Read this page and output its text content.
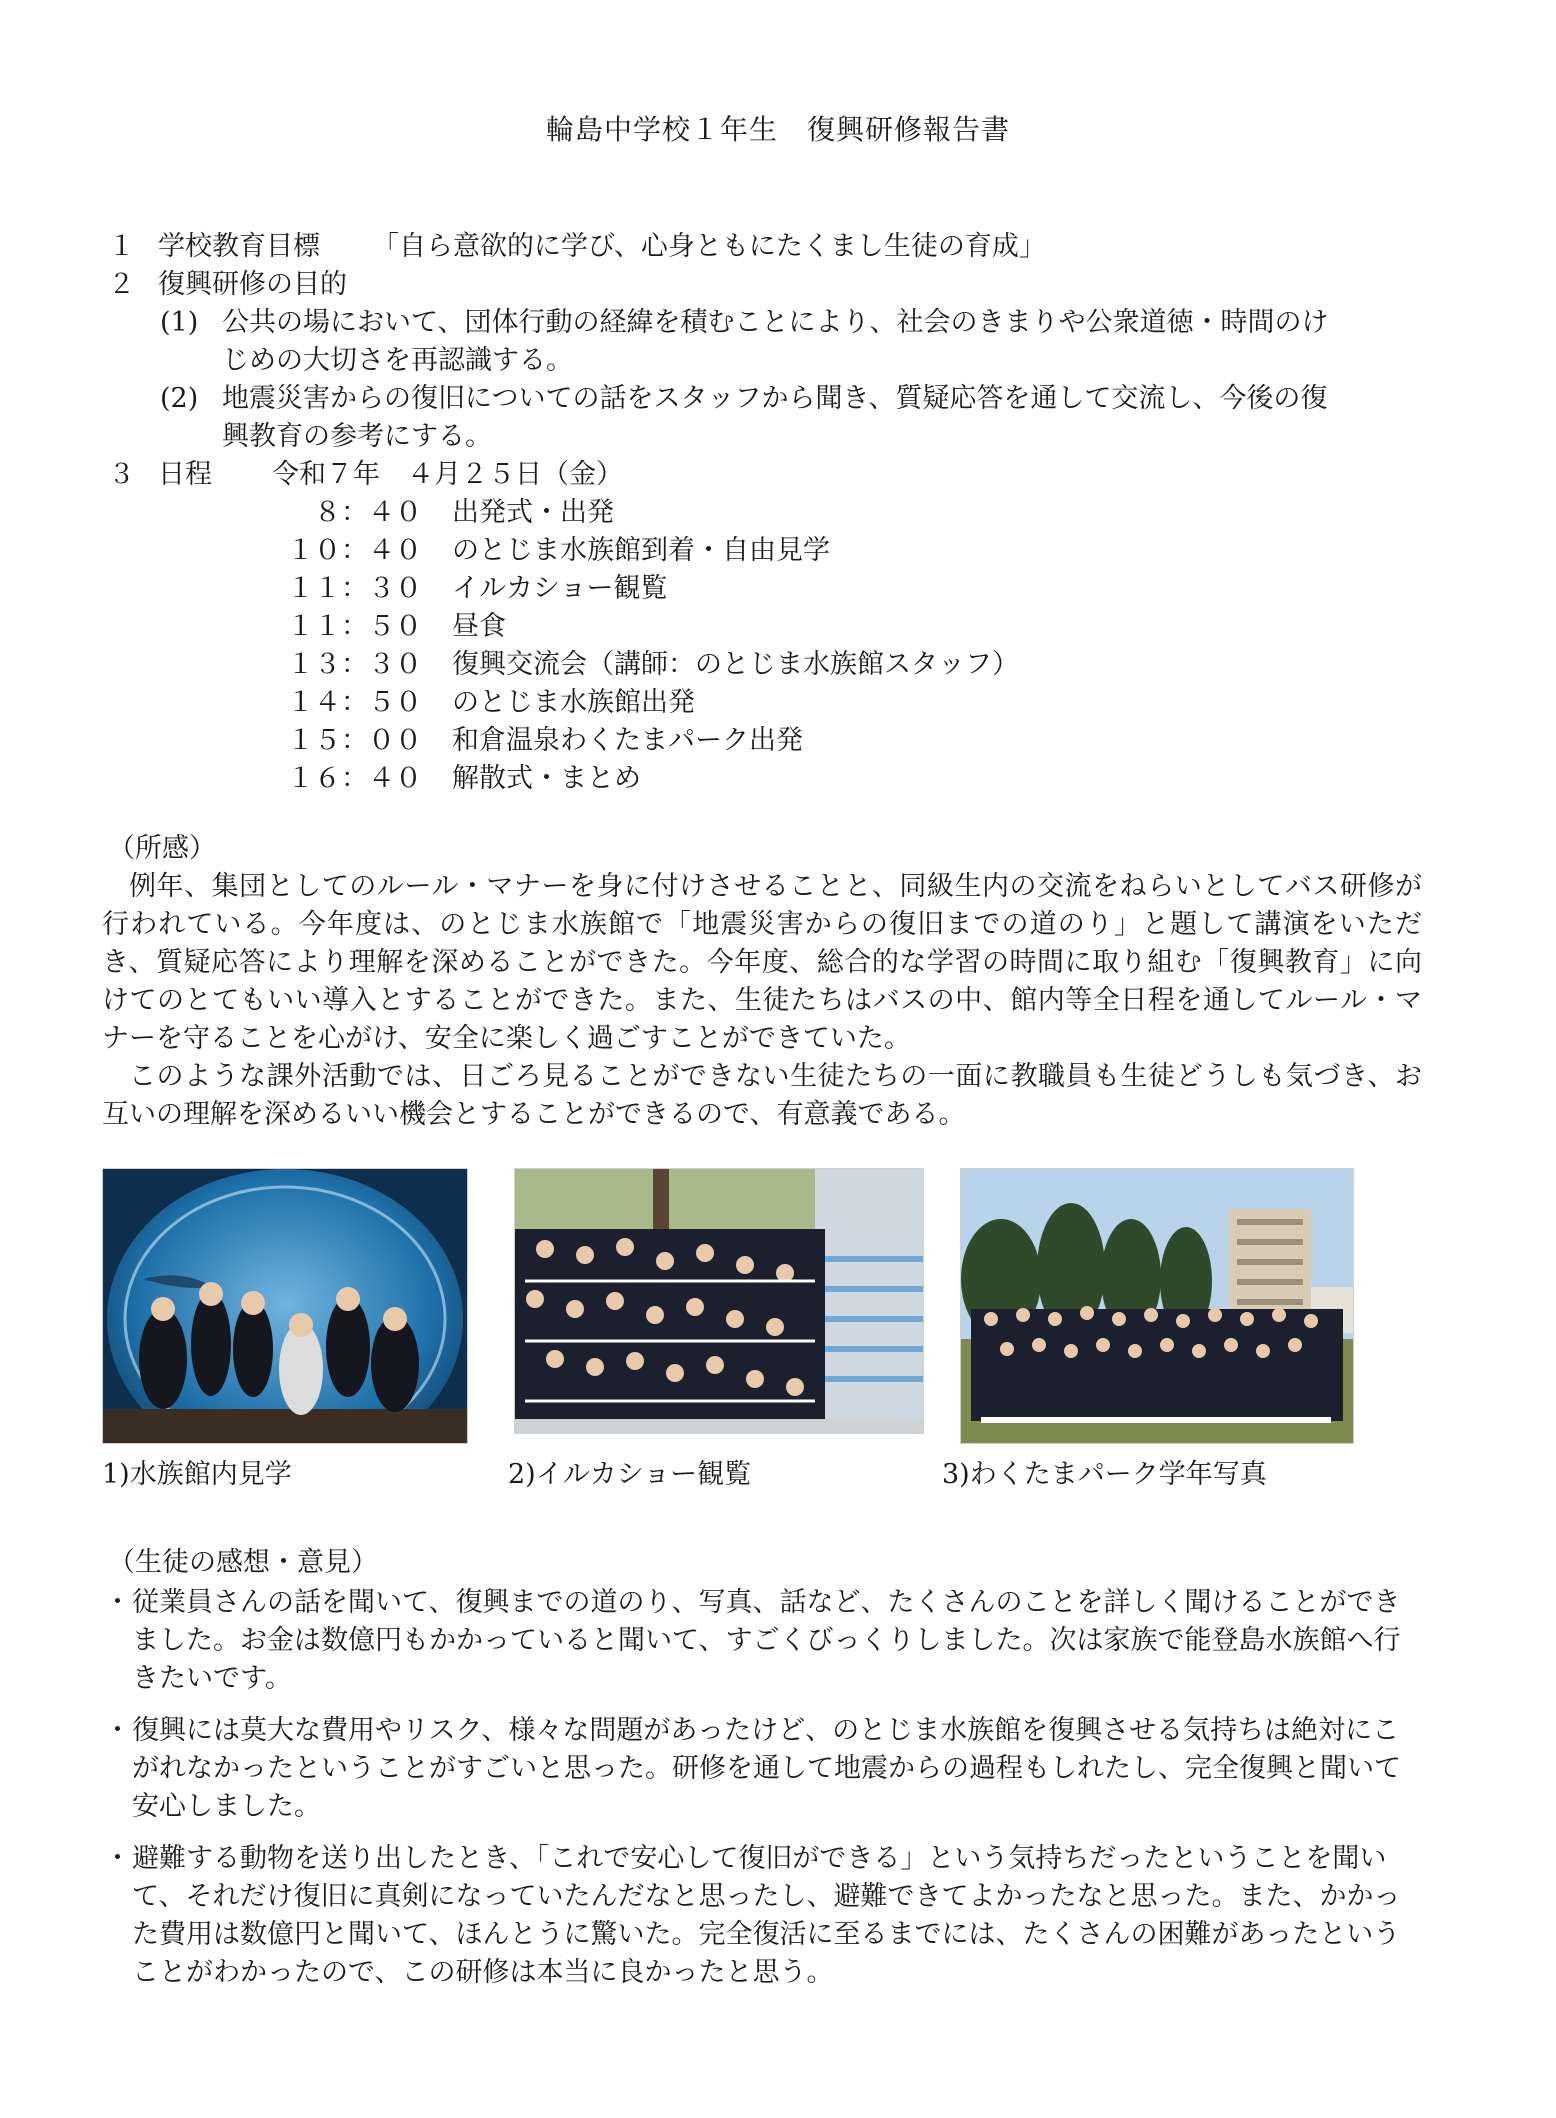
輪島中学校１年生　復興研修報告書
１ 学校教育目標 「自ら意欲的に学び、心身ともにたくまし生徒の育成」
２ 復興研修の目的
(1) 公共の場において、団体行動の経緯を積むことにより、社会のきまりや公衆道徳・時間のけ
じめの大切さを再認識する。
(2) 地震災害からの復旧についての話をスタッフから聞き、質疑応答を通して交流し、今後の復
興教育の参考にする。
３ 日程 令和７年　４月２５日（金）
８：４０ 出発式・出発
１０：４０ のとじま水族館到着・自由見学
１１：３０ イルカショー観覧
１１：５０ 昼食
１３：３０ 復興交流会（講師：のとじま水族館スタッフ）
１４：５０ のとじま水族館出発
１５：００ 和倉温泉わくたまパーク出発
１６：４０ 解散式・まとめ
（所感）

例年、集団としてのルール・マナーを身に付けさせることと、同級生内の交流をねらいとしてバス研修が行われている。今年度は、のとじま水族館で「地震災害からの復旧までの道のり」と題して講演をいただき、質疑応答により理解を深めることができた。今年度、総合的な学習の時間に取り組む「復興教育」に向けてのとてもいい導入とすることができた。また、生徒たちはバスの中、館内等全日程を通してルール・マナーを守ることを心がけ、安全に楽しく過ごすことができていた。

このような課外活動では、日ごろ見ることができない生徒たちの一面に教職員も生徒どうしも気づき、お互いの理解を深めるいい機会とすることができるので、有意義である。

1)水族館内見学	2)イルカショー観覧	3)わくたまパーク学年写真
（生徒の感想・意見）
・ 従業員さんの話を聞いて、復興までの道のり、写真、話など、たくさんのことを詳しく聞けることができました。お金は数億円もかかっていると聞いて、すごくびっくりしました。次は家族で能登島水族館へ行きたいです。
・ 復興には莫大な費用やリスク、様々な問題があったけど、のとじま水族館を復興させる気持ちは絶対にこがれなかったということがすごいと思った。研修を通して地震からの過程もしれたし、完全復興と聞いて安心しました。
・ 避難する動物を送り出したとき、「これで安心して復旧ができる」という気持ちだったということを聞いて、それだけ復旧に真剣になっていたんだなと思ったし、避難できてよかったなと思った。また、かかった費用は数億円と聞いて、ほんとうに驚いた。完全復活に至るまでには、たくさんの困難があったということがわかったので、この研修は本当に良かったと思う。
